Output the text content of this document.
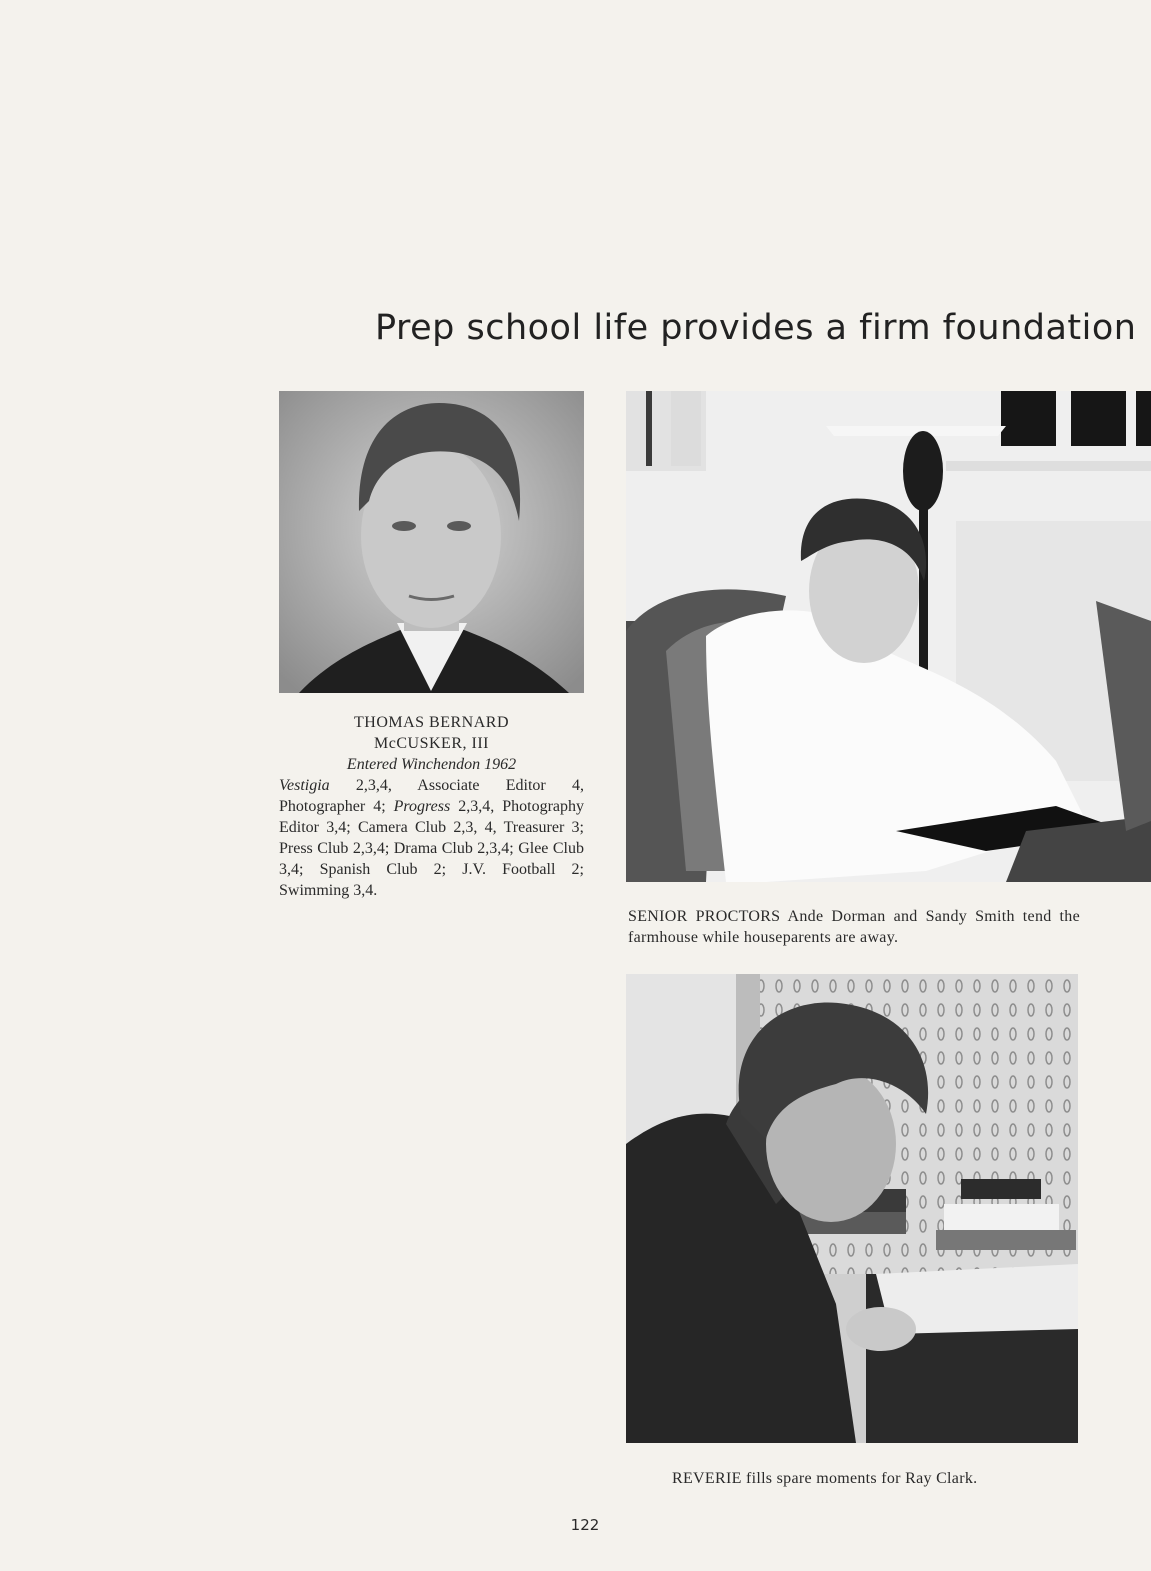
Prep school life provides a firm foundation
THOMAS BERNARD
McCUSKER, III
Entered Winchendon 1962
Vestigia 2,3,4, Associate Editor 4, Photographer 4; Progress 2,3,4, Photography Editor 3,4; Camera Club 2,3, 4, Treasurer 3; Press Club 2,3,4; Drama Club 2,3,4; Glee Club 3,4; Spanish Club 2; J.V. Football 2; Swimming 3,4.
SENIOR PROCTORS Ande Dorman and Sandy Smith tend the farmhouse while houseparents are away.
REVERIE fills spare moments for Ray Clark.
122
